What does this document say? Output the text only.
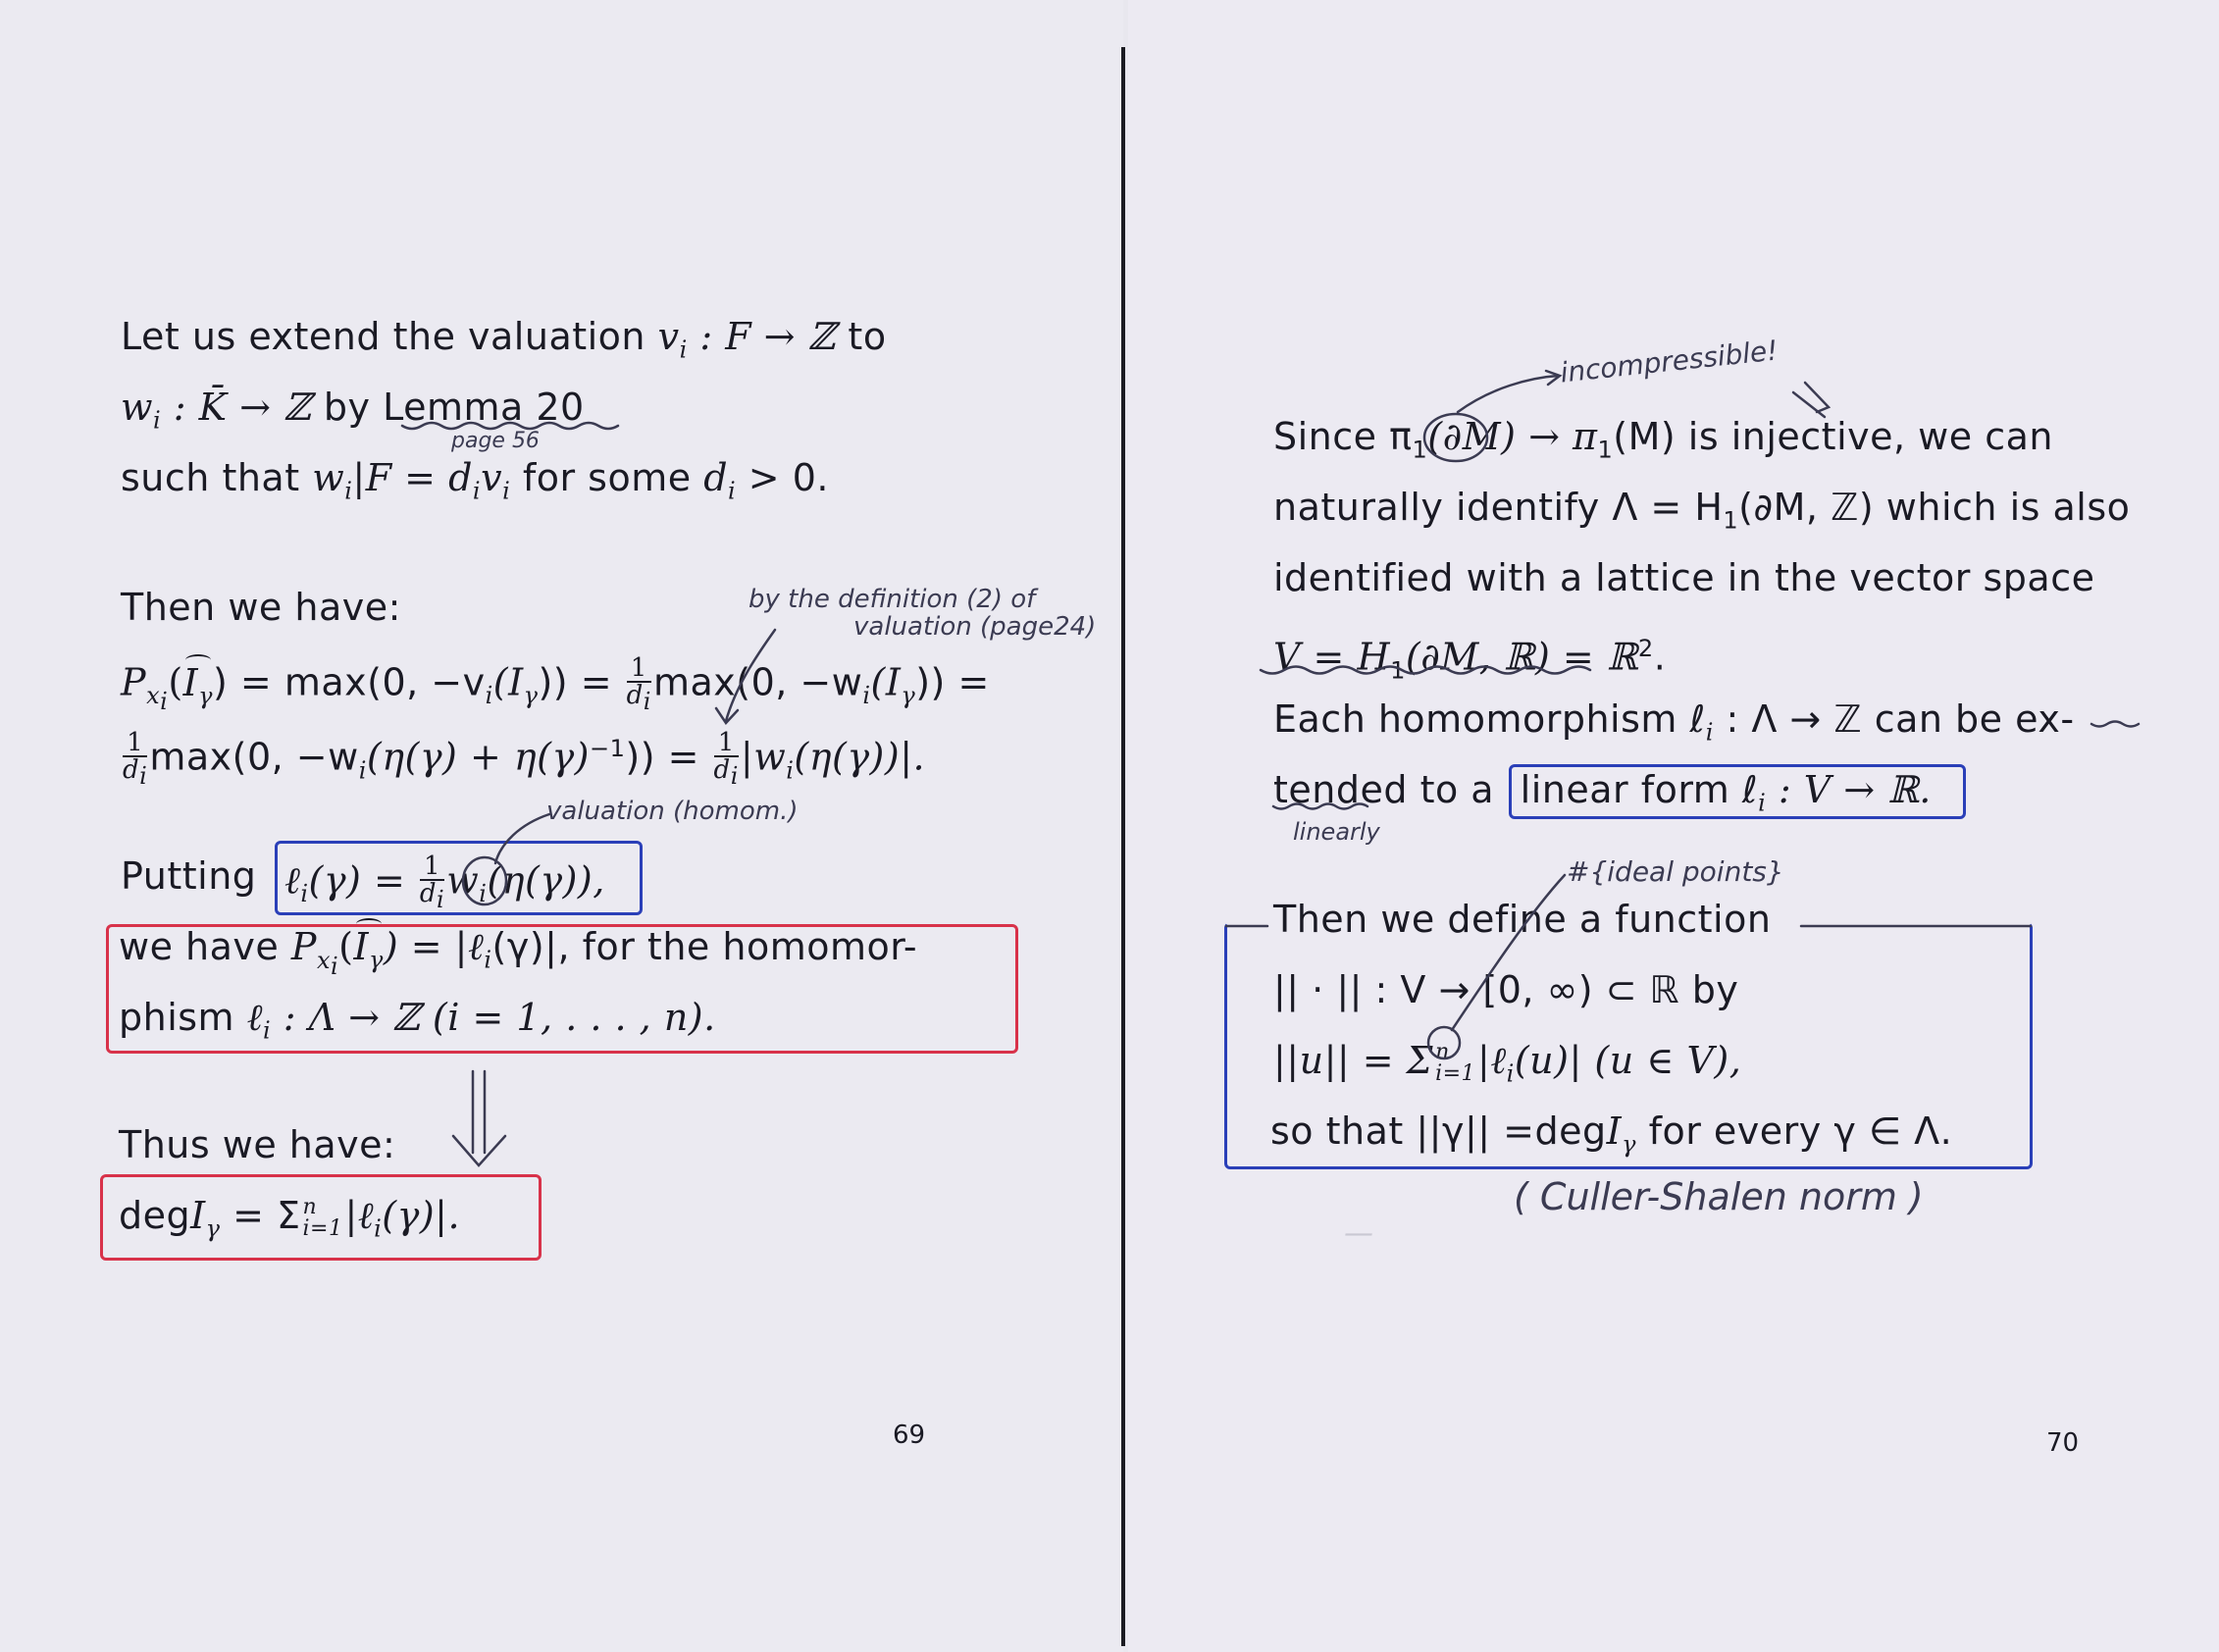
Let us extend the valuation $v_i$ : F → ℤ to
$w_i$ : K̄ → ℤ by Lemma 20
such that $w_i|F = d_iv_i$ for some $d_i > 0$.
Then we have:
$P_{x_i}(I_\gamma) = \max(0$, $-v_i(I_\gamma)) = \frac{1}{d_i} \max(0$, $-w_i(I_\gamma)$) =
$\frac{1}{d_i} \max(0$, $-w_i(\eta(\gamma) + \eta(\gamma)^{-1})) = \frac{1}{d_i} |w_i(\eta(\gamma))|$.
Putting ℓ$_i$(γ) = $\frac{1}{d_i} w_i(\eta(\gamma))$,
we have $P_{x_i}(I_\gamma)$ = |ℓ$_i$(γ)|, for the homomor-
phism ℓ$_i$ : Λ → ℤ (i = 1, . . . , n).
Thus we have:
degI$_\gamma$ = Σ n
i=1 |ℓ$_i$(γ)|.
69
Since $\pi_1(\partial M) \to \pi_1(M)$ is injective, we can
naturally identify $\Lambda = H_1(\partial M$, ℤ) which is also
identified with a lattice in the vector space
$V = H_1(\partial M$, ℝ) = ℝ$^2$.
Each homomorphism ℓ$_i$ : Λ → ℤ can be ex-
tended to a linear form ℓ$_i$ : V → ℝ.
Then we define a function
|| · || : V → [0, ∞) ⊂ ℝ by
||u|| = Σ n
i=1 |ℓ$_i$(u)| (u ∈ V),
so that ||γ|| =degI$_\gamma$ for every γ ∈ Λ.
70
page 56
by the definition (2) of
valuation (page24)
valuation (homom.)
incompressible!
linearly
#{ideal points}
( Culler-Shalen norm )
—
